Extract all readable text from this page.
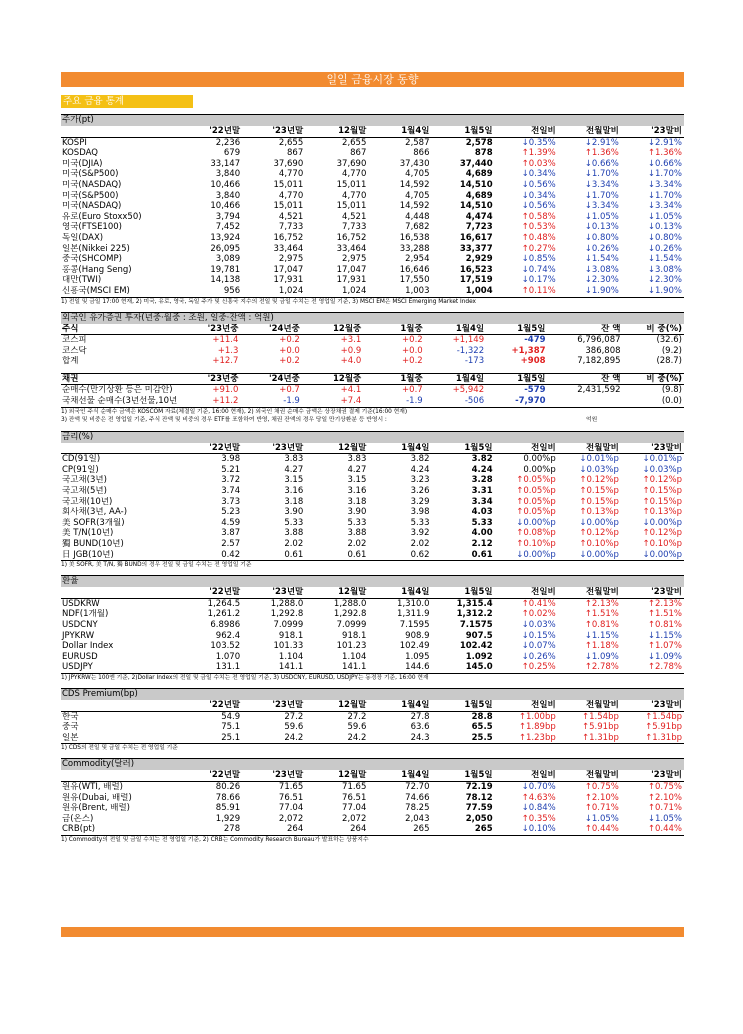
일일 금융시장 동향
주요 금융 통계
주가(pt)
	'22년말	'23년말	12월말	1월4일	1월5일	전일비	전월말비	'23말비
KOSPI	2,236	2,655	2,655	2,587	2,578	↓0.35%	↓2.91%	↓2.91%
KOSDAQ	679	867	867	866	878	↑1.39%	↑1.36%	↑1.36%
미국(DJIA)	33,147	37,690	37,690	37,430	37,440	↑0.03%	↓0.66%	↓0.66%
미국(S&P500)	3,840	4,770	4,770	4,705	4,689	↓0.34%	↓1.70%	↓1.70%
미국(NASDAQ)	10,466	15,011	15,011	14,592	14,510	↓0.56%	↓3.34%	↓3.34%
미국(S&P500)	3,840	4,770	4,770	4,705	4,689	↓0.34%	↓1.70%	↓1.70%
미국(NASDAQ)	10,466	15,011	15,011	14,592	14,510	↓0.56%	↓3.34%	↓3.34%
유로(Euro Stoxx50)	3,794	4,521	4,521	4,448	4,474	↑0.58%	↓1.05%	↓1.05%
영국(FTSE100)	7,452	7,733	7,733	7,682	7,723	↑0.53%	↓0.13%	↓0.13%
독일(DAX)	13,924	16,752	16,752	16,538	16,617	↑0.48%	↓0.80%	↓0.80%
일본(Nikkei 225)	26,095	33,464	33,464	33,288	33,377	↑0.27%	↓0.26%	↓0.26%
중국(SHCOMP)	3,089	2,975	2,975	2,954	2,929	↓0.85%	↓1.54%	↓1.54%
홍콩(Hang Seng)	19,781	17,047	17,047	16,646	16,523	↓0.74%	↓3.08%	↓3.08%
대만(TWI)	14,138	17,931	17,931	17,550	17,519	↓0.17%	↓2.30%	↓2.30%
신흥국(MSCI EM)	956	1,024	1,024	1,003	1,004	↑0.11%	↓1.90%	↓1.90%
1) 전일 및 금일 17:00 현재, 2) 미국, 유로, 영국, 독일 주가 및 신흥국 지수의 전일 및 금일 수치는 전 영업일 기준, 3) MSCI EM은 MSCI Emerging Market Index
외국인 유가증권 투자(년중·월중 : 조원, 일중·잔액 : 억원)
주식	'23년중	'24년중	12월중	1월중	1월4일	1월5일	잔 액	비 중(%)
코스피	+11.4	+0.2	+3.1	+0.2	+1,149	-479	6,796,087	(32.6)
코스닥	+1.3	+0.0	+0.9	+0.0	-1,322	+1,387	386,808	(9.2)
합계	+12.7	+0.2	+4.0	+0.2	-173	+908	7,182,895	(28.7)
채권	'23년중	'24년중	12월중	1월중	1월4일	1월5일	잔 액	비 중(%)
순매수(만기상환 등은 미감안)	+91.0	+0.7	+4.1	+0.7	+5,942	-579	2,431,592	(9.8)
국채선물 순매수(3년선물,10년	+11.2	-1.9	+7.4	-1.9	-506	-7,970		(0.0)
1) 외국인 주식 순매수 금액은 KOSCOM 자료(체결일 기준, 16:00 현재), 2) 외국인 채권 순매수 금액은 상장채권 결제 기준(16:00 현재)
3) 잔액 및 비중은 전 영업일 기준, 주식 잔액 및 비중의 경우 ETF를 포함하여 반영, 채권 잔액의 경우 당일 만기상환분 등 반영시 :	억원
금리(%)
	'22년말	'23년말	12월말	1월4일	1월5일	전일비	전월말비	'23말비
CD(91일)	3.98	3.83	3.83	3.82	3.82	0.00%p	↓0.01%p	↓0.01%p
CP(91일)	5.21	4.27	4.27	4.24	4.24	0.00%p	↓0.03%p	↓0.03%p
국고채(3년)	3.72	3.15	3.15	3.23	3.28	↑0.05%p	↑0.12%p	↑0.12%p
국고채(5년)	3.74	3.16	3.16	3.26	3.31	↑0.05%p	↑0.15%p	↑0.15%p
국고채(10년)	3.73	3.18	3.18	3.29	3.34	↑0.05%p	↑0.15%p	↑0.15%p
회사채(3년, AA-)	5.23	3.90	3.90	3.98	4.03	↑0.05%p	↑0.13%p	↑0.13%p
美 SOFR(3개월)	4.59	5.33	5.33	5.33	5.33	↓0.00%p	↓0.00%p	↓0.00%p
美 T/N(10년)	3.87	3.88	3.88	3.92	4.00	↑0.08%p	↑0.12%p	↑0.12%p
獨 BUND(10년)	2.57	2.02	2.02	2.02	2.12	↑0.10%p	↑0.10%p	↑0.10%p
日 JGB(10년)	0.42	0.61	0.61	0.62	0.61	↓0.00%p	↓0.00%p	↓0.00%p
1) 美 SOFR, 美 T/N, 獨 BUND의 경우 전일 및 금일 수치는 전 영업일 기준
환율
	'22년말	'23년말	12월말	1월4일	1월5일	전일비	전월말비	'23말비
USDKRW	1,264.5	1,288.0	1,288.0	1,310.0	1,315.4	↑0.41%	↑2.13%	↑2.13%
NDF(1개월)	1,261.2	1,292.8	1,292.8	1,311.9	1,312.2	↑0.02%	↑1.51%	↑1.51%
USDCNY	6.8986	7.0999	7.0999	7.1595	7.1575	↓0.03%	↑0.81%	↑0.81%
JPYKRW	962.4	918.1	918.1	908.9	907.5	↓0.15%	↓1.15%	↓1.15%
Dollar Index	103.52	101.33	101.23	102.49	102.42	↓0.07%	↑1.18%	↑1.07%
EURUSD	1.070	1.104	1.104	1.095	1.092	↓0.26%	↓1.09%	↓1.09%
USDJPY	131.1	141.1	141.1	144.6	145.0	↑0.25%	↑2.78%	↑2.78%
1) JPYKRW는 100엔 기준, 2)Dollar Index의 전일 및 금일 수치는 전 영업일 기준, 3) USDCNY, EURUSD, USDJPY는 동경장 기준, 16:00 현재
CDS Premium(bp)
	'22년말	'23년말	12월말	1월4일	1월5일	전일비	전월말비	'23말비
한국	54.9	27.2	27.2	27.8	28.8	↑1.00bp	↑1.54bp	↑1.54bp
중국	75.1	59.6	59.6	63.6	65.5	↑1.89bp	↑5.91bp	↑5.91bp
일본	25.1	24.2	24.2	24.3	25.5	↑1.23bp	↑1.31bp	↑1.31bp
1) CDS의 전일 및 금일 수치는 전 영업일 기준
Commodity(달러)
	'22년말	'23년말	12월말	1월4일	1월5일	전일비	전월말비	'23말비
원유(WTI, 배럴)	80.26	71.65	71.65	72.70	72.19	↓0.70%	↑0.75%	↑0.75%
원유(Dubai, 배럴)	78.66	76.51	76.51	74.66	78.12	↑4.63%	↑2.10%	↑2.10%
원유(Brent, 배럴)	85.91	77.04	77.04	78.25	77.59	↓0.84%	↑0.71%	↑0.71%
금(온스)	1,929	2,072	2,072	2,043	2,050	↑0.35%	↓1.05%	↓1.05%
CRB(pt)	278	264	264	265	265	↓0.10%	↑0.44%	↑0.44%
1) Commodity의 전일 및 금일 수치는 전 영업일 기준, 2) CRB는 Commodity Research Bureau가 발표하는 상품지수
